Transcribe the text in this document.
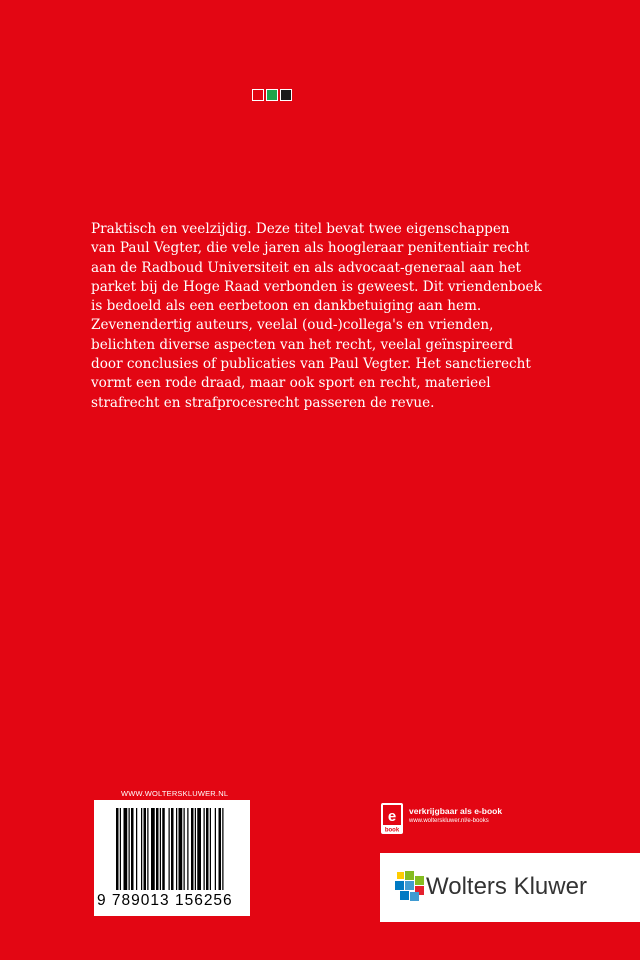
Praktisch en veelzijdig. Deze titel bevat twee eigenschappen
van Paul Vegter, die vele jaren als hoogleraar penitentiair recht
aan de Radboud Universiteit en als advocaat-generaal aan het
parket bij de Hoge Raad verbonden is geweest. Dit vriendenboek
is bedoeld als een eerbetoon en dankbetuiging aan hem.
Zevenendertig auteurs, veelal (oud-)collega's en vrienden,
belichten diverse aspecten van het recht, veelal geïnspireerd
door conclusies of publicaties van Paul Vegter. Het sanctierecht
vormt een rode draad, maar ook sport en recht, materieel
strafrecht en strafprocesrecht passeren de revue.

WWW.WOLTERSKLUWER.NL
9 789013 156256
e
book
verkrijgbaar als e-book
www.wolterskluwer.nl/e-books
Wolters Kluwer
